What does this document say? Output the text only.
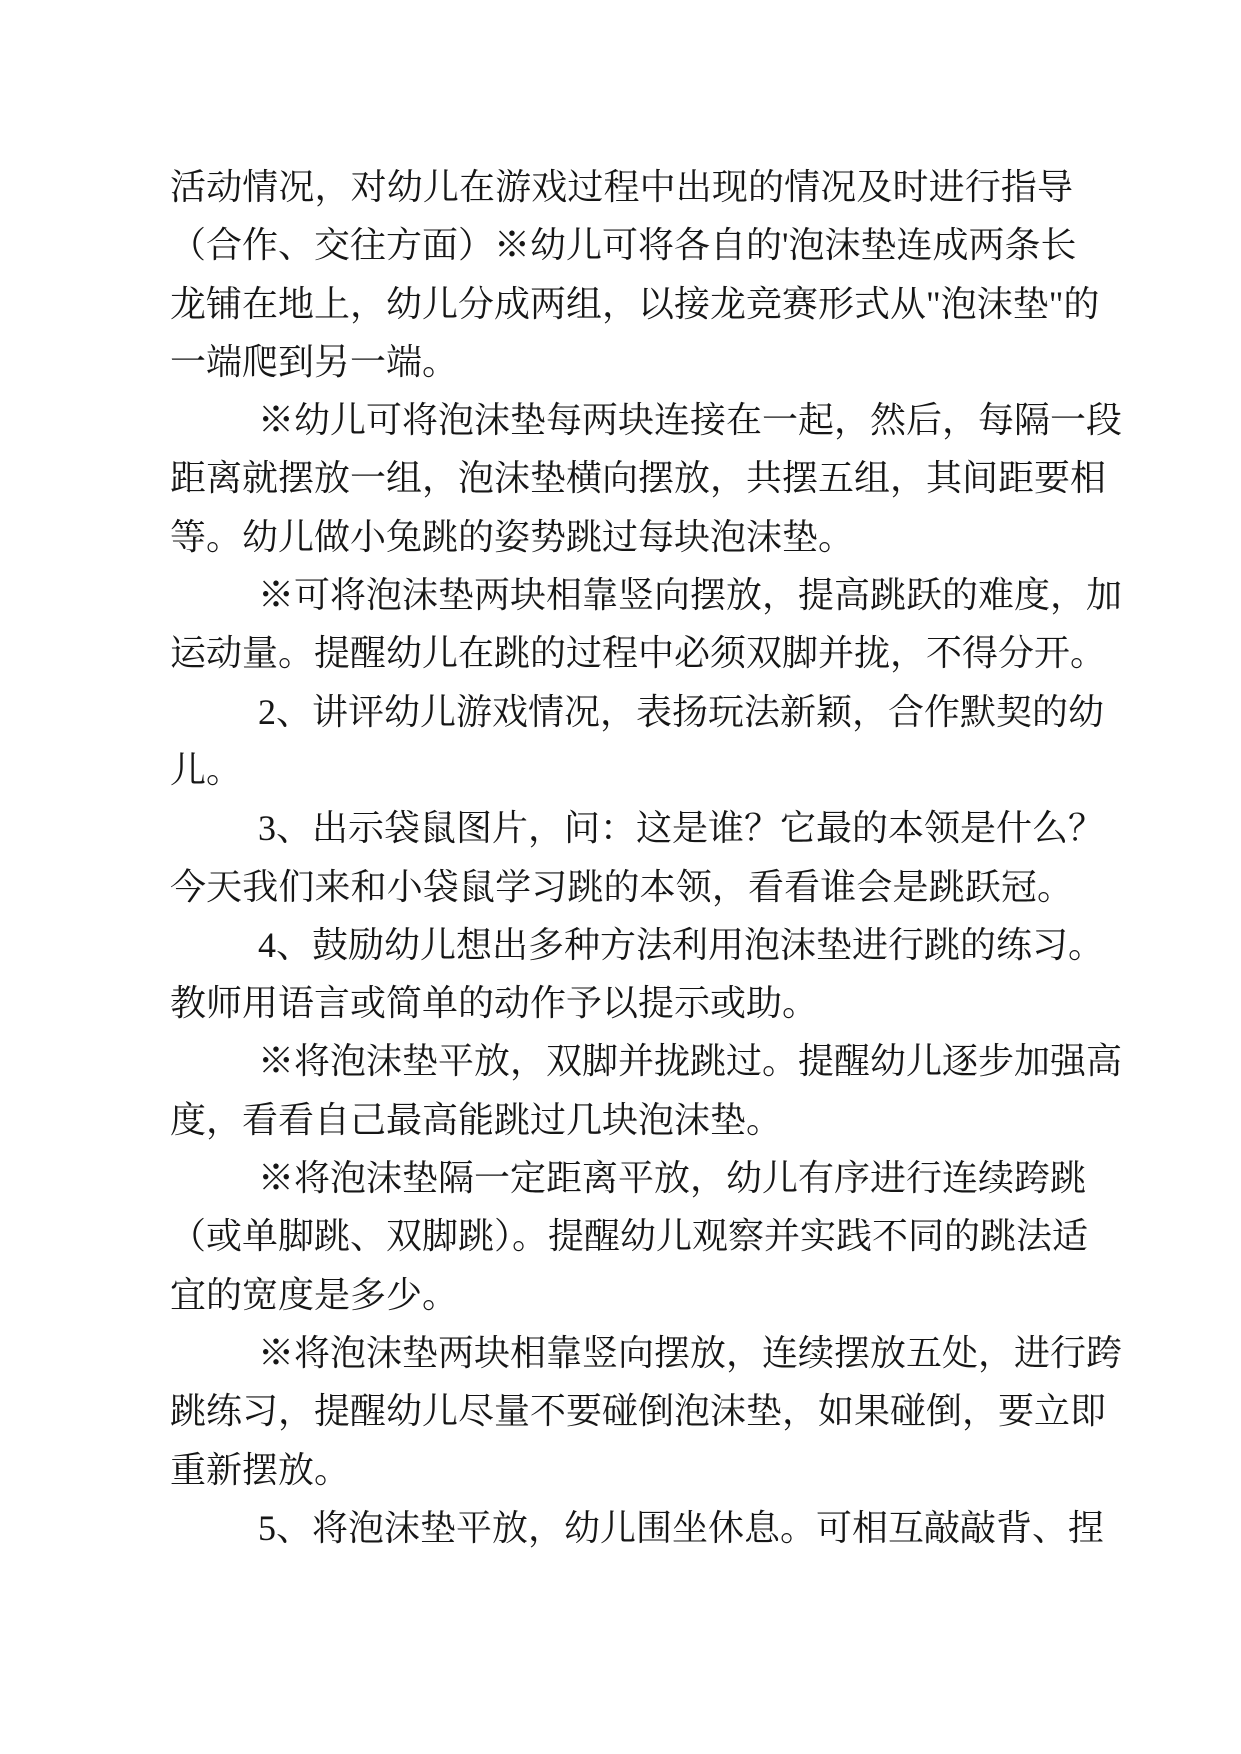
活动情况，对幼儿在游戏过程中出现的情况及时进行指导
（合作、交往方面）※幼儿可将各自的'泡沫垫连成两条长
龙铺在地上，幼儿分成两组，以接龙竞赛形式从"泡沫垫"的
一端爬到另一端。
※幼儿可将泡沫垫每两块连接在一起，然后，每隔一段
距离就摆放一组，泡沫垫横向摆放，共摆五组，其间距要相
等。幼儿做小兔跳的姿势跳过每块泡沫垫。
※可将泡沫垫两块相靠竖向摆放，提高跳跃的难度，加
运动量。提醒幼儿在跳的过程中必须双脚并拢，不得分开。
2、讲评幼儿游戏情况，表扬玩法新颖，合作默契的幼
儿。
3、出示袋鼠图片，问：这是谁？它最的本领是什么？
今天我们来和小袋鼠学习跳的本领，看看谁会是跳跃冠。
4、鼓励幼儿想出多种方法利用泡沫垫进行跳的练习。
教师用语言或简单的动作予以提示或助。
※将泡沫垫平放，双脚并拢跳过。提醒幼儿逐步加强高
度，看看自己最高能跳过几块泡沫垫。
※将泡沫垫隔一定距离平放，幼儿有序进行连续跨跳
（或单脚跳、双脚跳）。提醒幼儿观察并实践不同的跳法适
宜的宽度是多少。
※将泡沫垫两块相靠竖向摆放，连续摆放五处，进行跨
跳练习，提醒幼儿尽量不要碰倒泡沫垫，如果碰倒，要立即
重新摆放。
5、将泡沫垫平放，幼儿围坐休息。可相互敲敲背、捏
